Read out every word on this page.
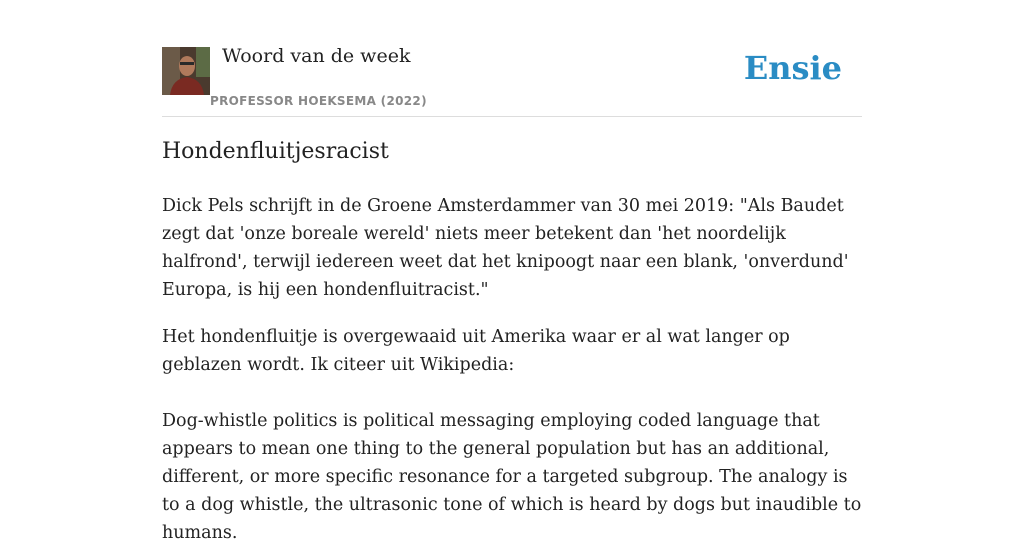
Woord van de week
PROFESSOR HOEKSEMA (2022)
Ensie
Hondenfluitjesracist

Dick Pels schrijft in de Groene Amsterdammer van 30 mei 2019: "Als Baudet zegt dat 'onze boreale wereld' niets meer betekent dan 'het noordelijk halfrond', terwijl iedereen weet dat het knipoogt naar een blank, 'onverdund' Europa, is hij een hondenfluitracist."

Het hondenfluitje is overgewaaid uit Amerika waar er al wat langer op geblazen wordt. Ik citeer uit Wikipedia:

Dog-whistle politics is political messaging employing coded language that appears to mean one thing to the general population but has an additional, different, or more specific resonance for a targeted subgroup. The analogy is to a dog whistle, the ultrasonic tone of which is heard by dogs but inaudible to humans.
